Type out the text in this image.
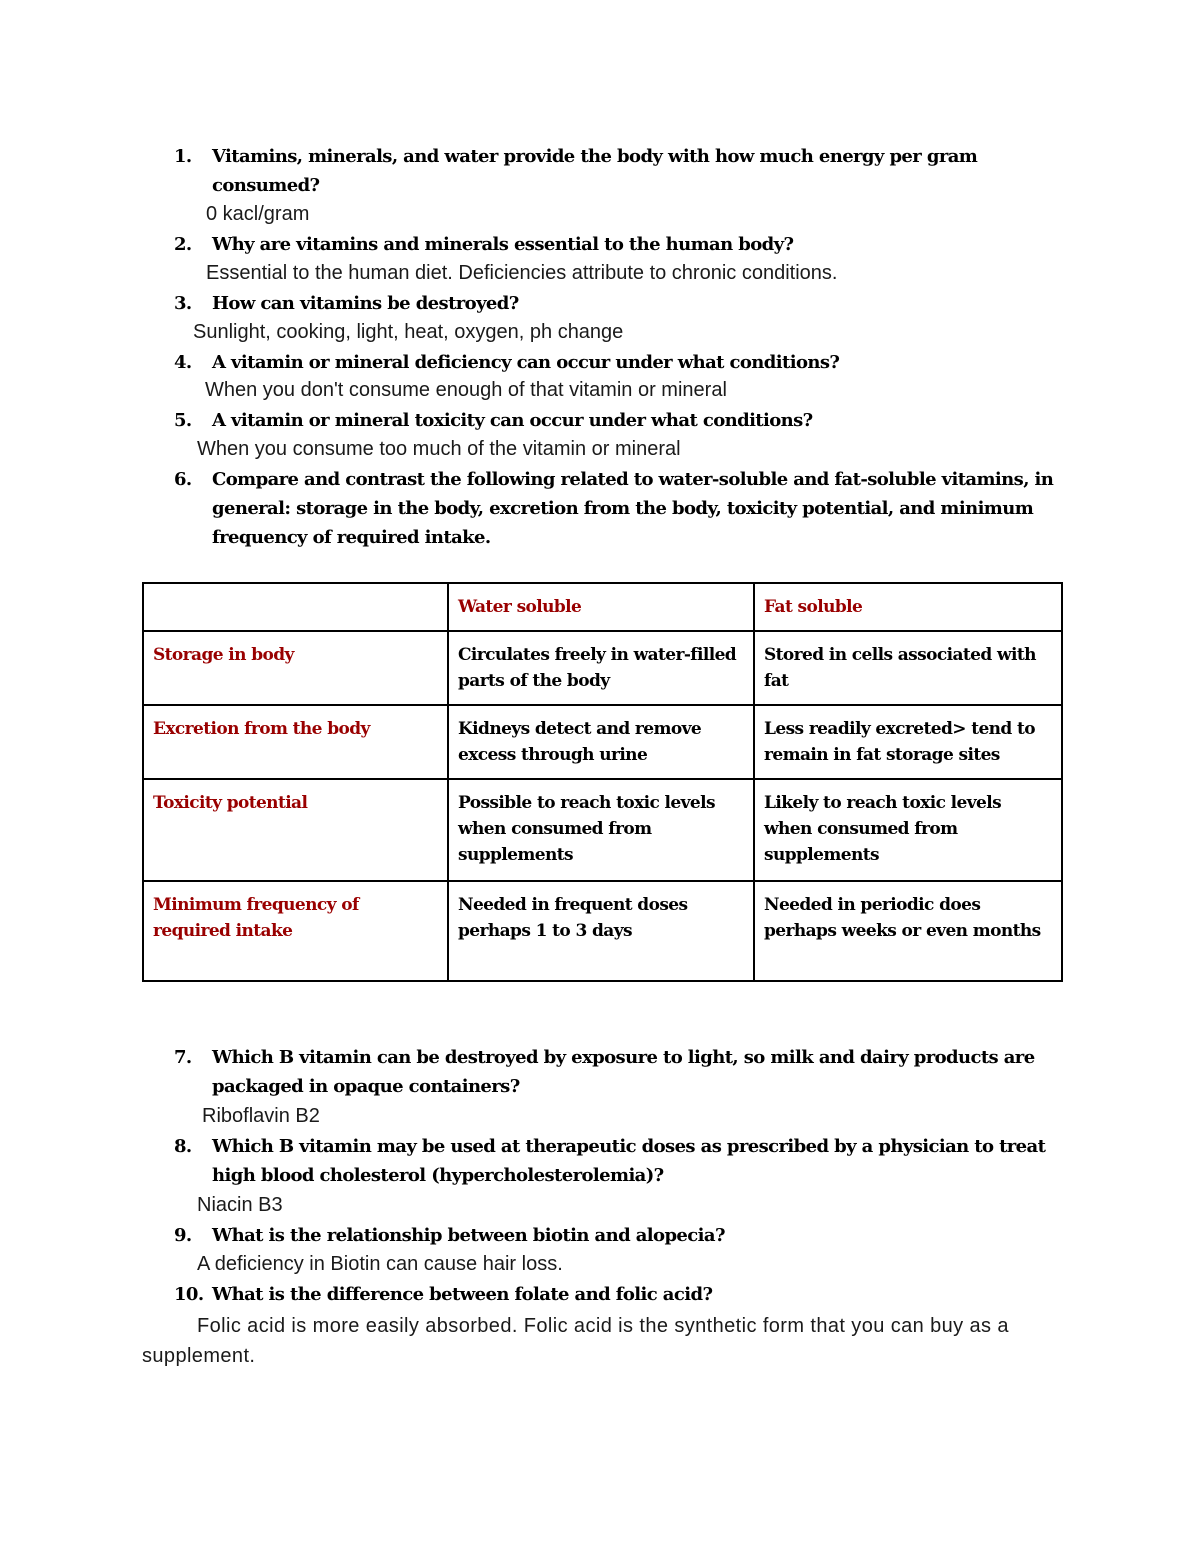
1. Vitamins, minerals, and water provide the body with how much energy per gram consumed?
0 kacl/gram
2. Why are vitamins and minerals essential to the human body?
Essential to the human diet. Deficiencies attribute to chronic conditions.
3. How can vitamins be destroyed?
Sunlight, cooking, light, heat, oxygen, ph change
4. A vitamin or mineral deficiency can occur under what conditions?
When you don't consume enough of that vitamin or mineral
5. A vitamin or mineral toxicity can occur under what conditions?
When you consume too much of the vitamin or mineral
6. Compare and contrast the following related to water-soluble and fat-soluble vitamins, in general: storage in the body, excretion from the body, toxicity potential, and minimum frequency of required intake.
	Water soluble	Fat soluble
Storage in body	Circulates freely in water-filled parts of the body	Stored in cells associated with fat
Excretion from the body	Kidneys detect and remove excess through urine	Less readily excreted> tend to remain in fat storage sites
Toxicity potential	Possible to reach toxic levels when consumed from supplements	Likely to reach toxic levels when consumed from supplements
Minimum frequency of required intake	Needed in frequent doses perhaps 1 to 3 days	Needed in periodic does perhaps weeks or even months
7. Which B vitamin can be destroyed by exposure to light, so milk and dairy products are packaged in opaque containers?
Riboflavin B2
8. Which B vitamin may be used at therapeutic doses as prescribed by a physician to treat high blood cholesterol (hypercholesterolemia)?
Niacin B3
9. What is the relationship between biotin and alopecia?
A deficiency in Biotin can cause hair loss.
10. What is the difference between folate and folic acid?
Folic acid is more easily absorbed. Folic acid is the synthetic form that you can buy as a supplement.
